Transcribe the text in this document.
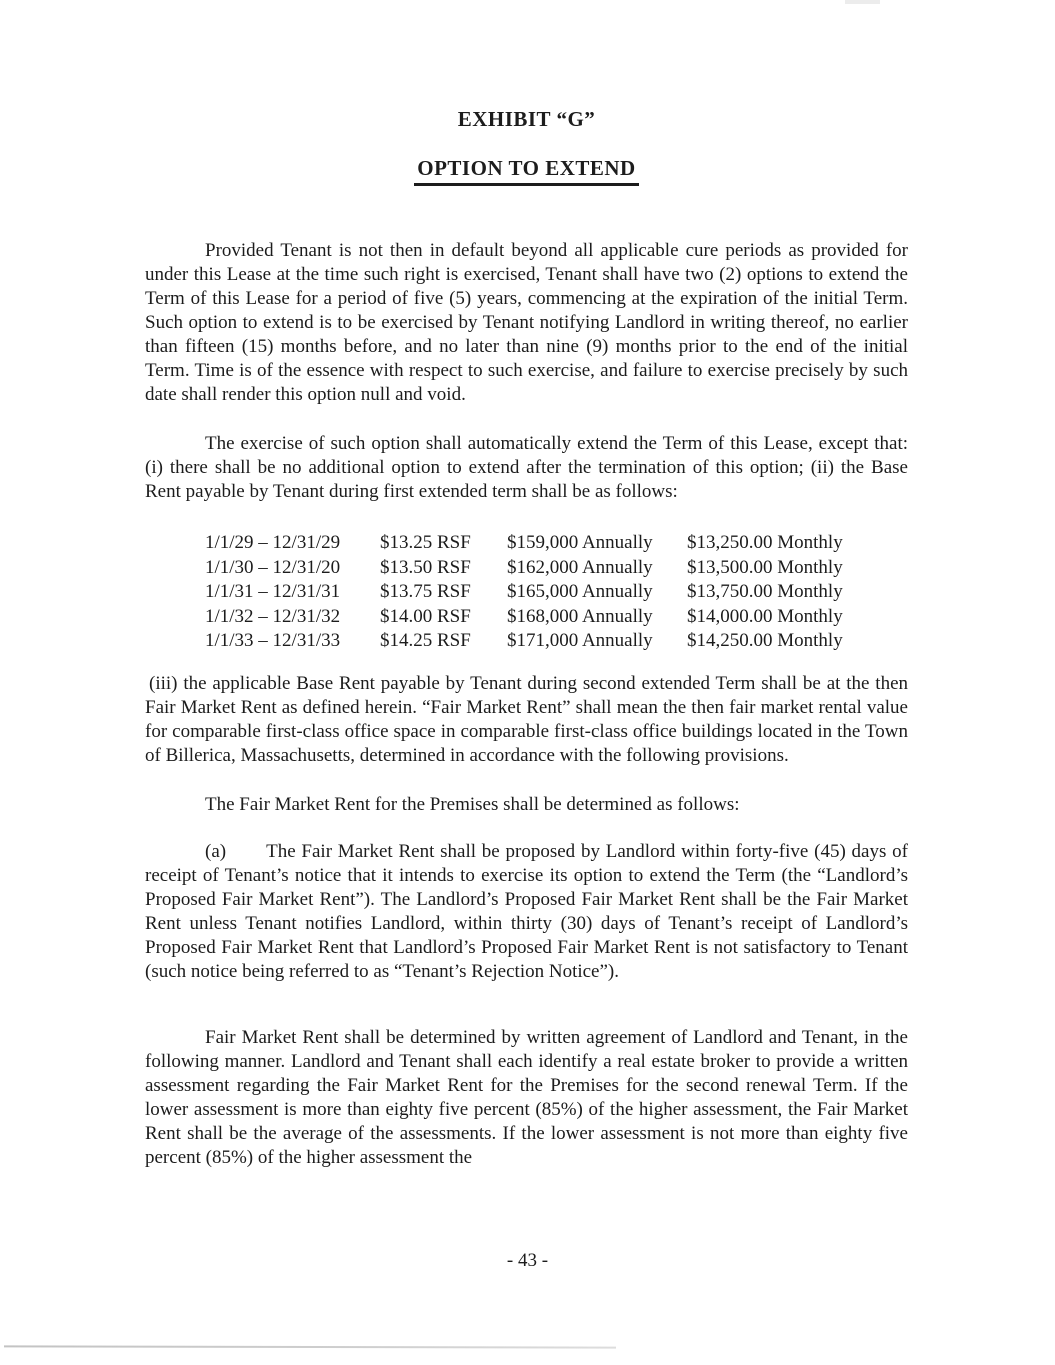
EXHIBIT “G”
OPTION TO EXTEND

Provided Tenant is not then in default beyond all applicable cure periods as provided for under this Lease at the time such right is exercised, Tenant shall have two (2) options to extend the Term of this Lease for a period of five (5) years, commencing at the expiration of the initial Term. Such option to extend is to be exercised by Tenant notifying Landlord in writing thereof, no earlier than fifteen (15) months before, and no later than nine (9) months prior to the end of the initial Term. Time is of the essence with respect to such exercise, and failure to exercise precisely by such date shall render this option null and void.

The exercise of such option shall automatically extend the Term of this Lease, except that: (i) there shall be no additional option to extend after the termination of this option; (ii) the Base Rent payable by Tenant during first extended term shall be as follows:

1/1/29 – 12/31/29	$13.25 RSF	$159,000 Annually	$13,250.00 Monthly
1/1/30 – 12/31/20	$13.50 RSF	$162,000 Annually	$13,500.00 Monthly
1/1/31 – 12/31/31	$13.75 RSF	$165,000 Annually	$13,750.00 Monthly
1/1/32 – 12/31/32	$14.00 RSF	$168,000 Annually	$14,000.00 Monthly
1/1/33 – 12/31/33	$14.25 RSF	$171,000 Annually	$14,250.00 Monthly

(iii) the applicable Base Rent payable by Tenant during second extended Term shall be at the then Fair Market Rent as defined herein. “Fair Market Rent” shall mean the then fair market rental value for comparable first-class office space in comparable first-class office buildings located in the Town of Billerica, Massachusetts, determined in accordance with the following provisions.

The Fair Market Rent for the Premises shall be determined as follows:

(a) The Fair Market Rent shall be proposed by Landlord within forty-five (45) days of receipt of Tenant’s notice that it intends to exercise its option to extend the Term (the “Landlord’s Proposed Fair Market Rent”). The Landlord’s Proposed Fair Market Rent shall be the Fair Market Rent unless Tenant notifies Landlord, within thirty (30) days of Tenant’s receipt of Landlord’s Proposed Fair Market Rent that Landlord’s Proposed Fair Market Rent is not satisfactory to Tenant (such notice being referred to as “Tenant’s Rejection Notice”).

Fair Market Rent shall be determined by written agreement of Landlord and Tenant, in the following manner. Landlord and Tenant shall each identify a real estate broker to provide a written assessment regarding the Fair Market Rent for the Premises for the second renewal Term. If the lower assessment is more than eighty five percent (85%) of the higher assessment, the Fair Market Rent shall be the average of the assessments. If the lower assessment is not more than eighty five percent (85%) of the higher assessment the

- 43 -
